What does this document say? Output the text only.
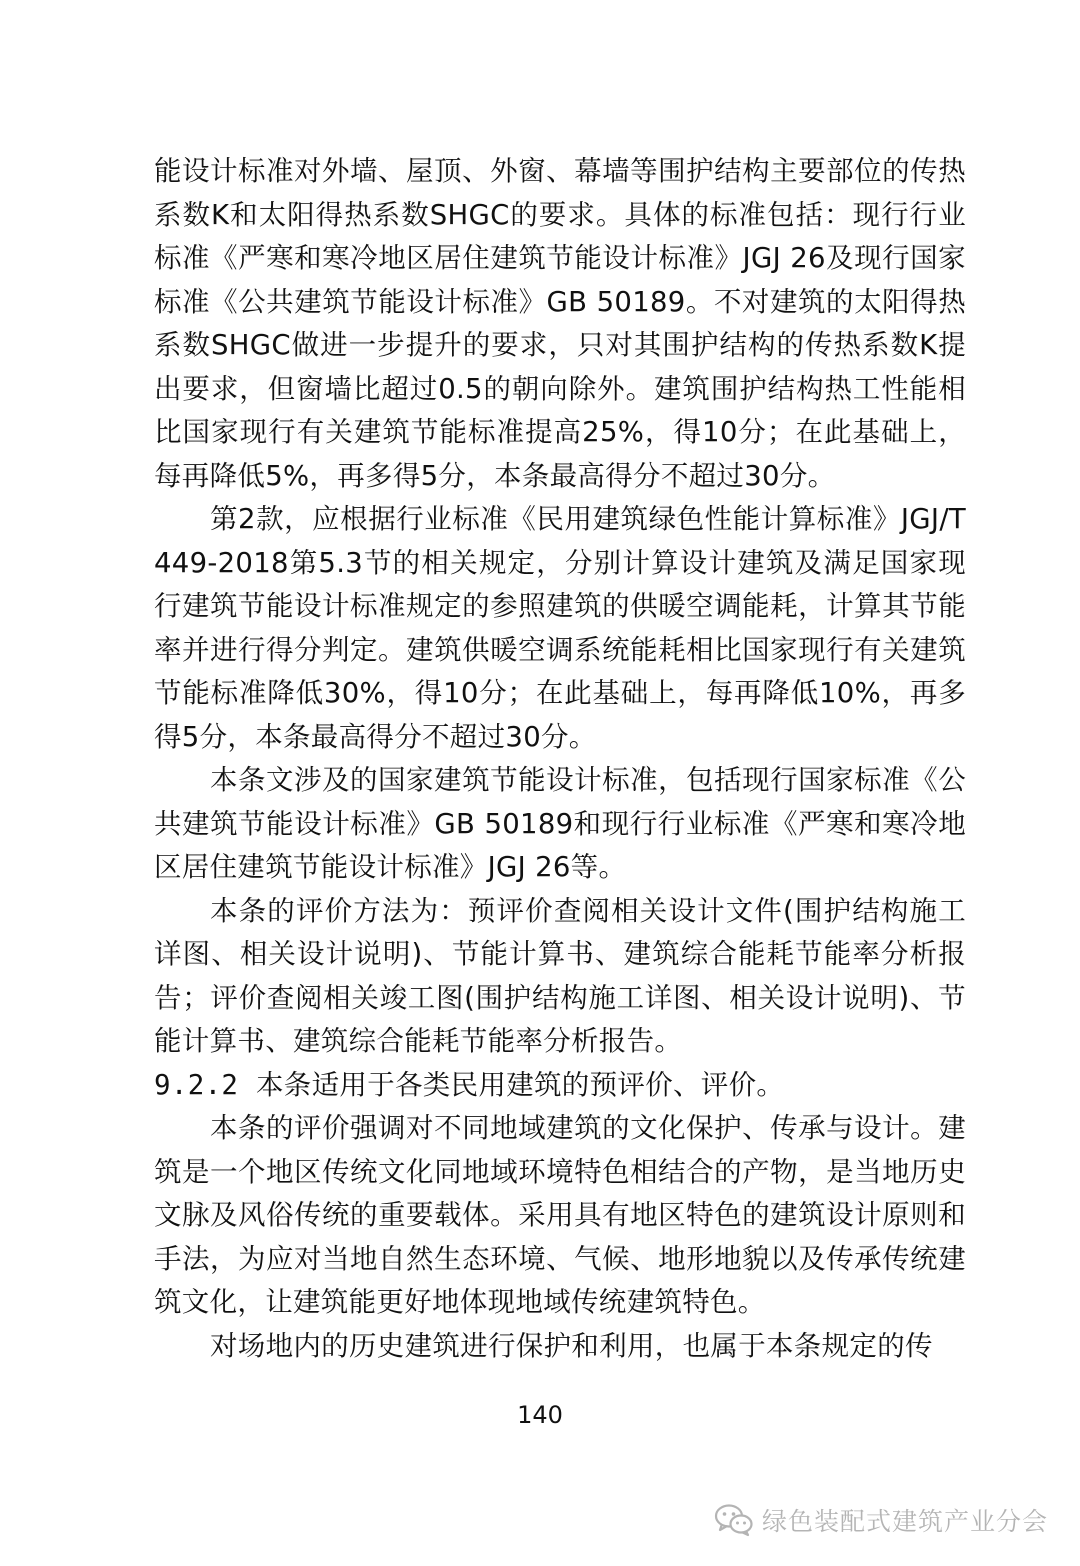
能设计标准对外墙、屋顶、外窗、幕墙等围护结构主要部位的传热系数K和太阳得热系数SHGC的要求。具体的标准包括：现行行业标准《严寒和寒冷地区居住建筑节能设计标准》JGJ 26及现行国家标准《公共建筑节能设计标准》GB 50189。不对建筑的太阳得热系数SHGC做进一步提升的要求，只对其围护结构的传热系数K提出要求，但窗墙比超过0.5的朝向除外。建筑围护结构热工性能相比国家现行有关建筑节能标准提高25%，得10分；在此基础上，每再降低5%，再多得5分，本条最高得分不超过30分。

第2款，应根据行业标准《民用建筑绿色性能计算标准》JGJ/T 449-2018第5.3节的相关规定，分别计算设计建筑及满足国家现行建筑节能设计标准规定的参照建筑的供暖空调能耗，计算其节能率并进行得分判定。建筑供暖空调系统能耗相比国家现行有关建筑节能标准降低30%，得10分；在此基础上，每再降低10%，再多得5分，本条最高得分不超过30分。

本条文涉及的国家建筑节能设计标准，包括现行国家标准《公共建筑节能设计标准》GB 50189和现行行业标准《严寒和寒冷地区居住建筑节能设计标准》JGJ 26等。

本条的评价方法为：预评价查阅相关设计文件(围护结构施工详图、相关设计说明)、节能计算书、建筑综合能耗节能率分析报告；评价查阅相关竣工图(围护结构施工详图、相关设计说明)、节能计算书、建筑综合能耗节能率分析报告。

9.2.2 本条适用于各类民用建筑的预评价、评价。

本条的评价强调对不同地域建筑的文化保护、传承与设计。建筑是一个地区传统文化同地域环境特色相结合的产物，是当地历史文脉及风俗传统的重要载体。采用具有地区特色的建筑设计原则和手法，为应对当地自然生态环境、气候、地形地貌以及传承传统建筑文化，让建筑能更好地体现地域传统建筑特色。

对场地内的历史建筑进行保护和利用，也属于本条规定的传

140
绿色装配式建筑产业分会
